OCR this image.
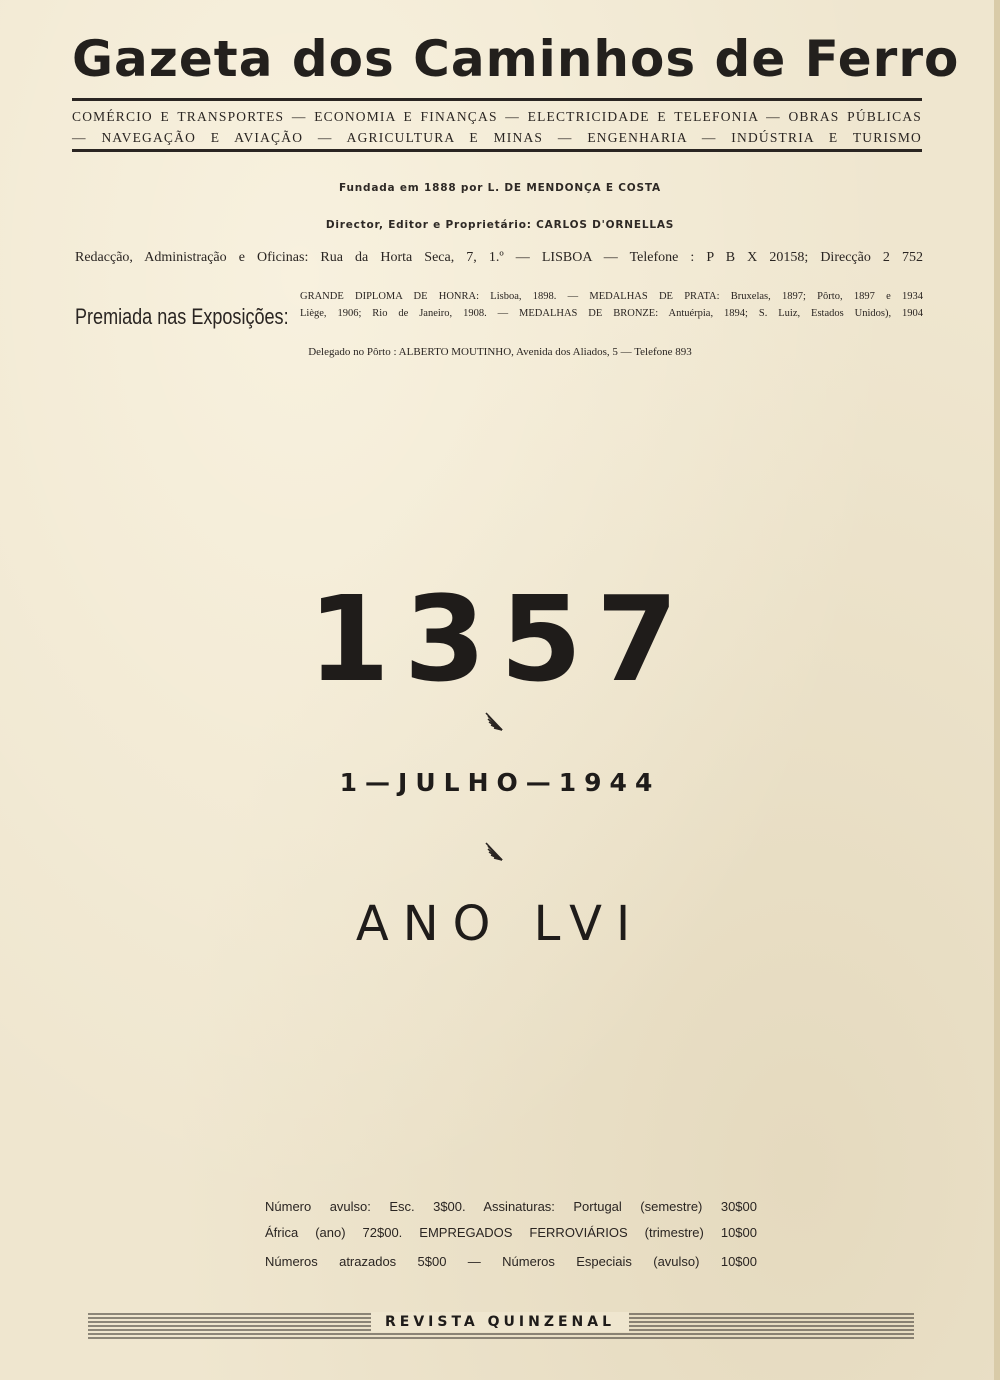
Gazeta dos Caminhos de Ferro
COMÉRCIO E TRANSPORTES — ECONOMIA E FINANÇAS — ELECTRICIDADE E TELEFONIA — OBRAS PÚBLICAS
— NAVEGAÇÃO E AVIAÇÃO — AGRICULTURA E MINAS — ENGENHARIA — INDÚSTRIA E TURISMO
Fundada em 1888 por L. DE MENDONÇA E COSTA
Director, Editor e Proprietário: CARLOS D'ORNELLAS
Redacção, Administração e Oficinas: Rua da Horta Seca, 7, 1.º — LISBOA — Telefone : P B X 20158; Direcção 2 752
Premiada nas Exposições:
GRANDE DIPLOMA DE HONRA: Lisboa, 1898. — MEDALHAS DE PRATA: Bruxelas, 1897; Pôrto, 1897 e 1934
Liège, 1906; Rio de Janeiro, 1908. — MEDALHAS DE BRONZE: Antuérpia, 1894; S. Luiz, Estados Unidos), 1904
Delegado no Pôrto : ALBERTO MOUTINHO, Avenida dos Aliados, 5 — Telefone 893
1357
1—JULHO—1944
ANO LVI
Número avulso: Esc. 3$00. Assinaturas: Portugal (semestre) 30$00
África (ano) 72$00. EMPREGADOS FERROVIÁRIOS (trimestre) 10$00
Números atrazados 5$00 — Números Especiais (avulso) 10$00
REVISTA QUINZENAL
